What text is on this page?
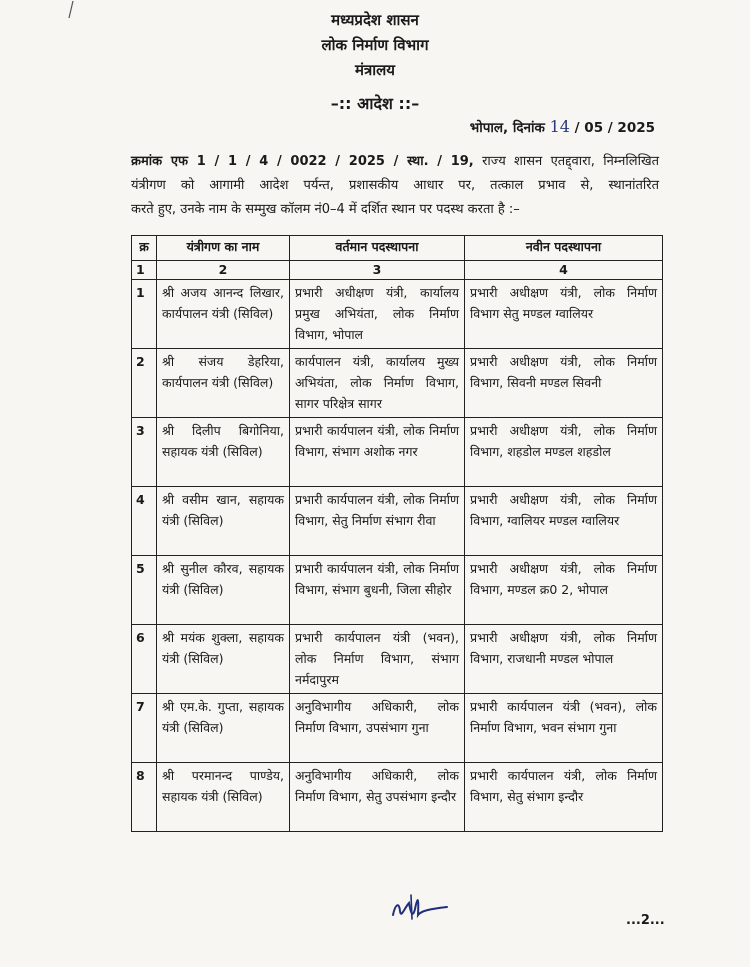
मध्यप्रदेश शासन
लोक निर्माण विभाग
मंत्रालय
–:: आदेश ::–
भोपाल, दिनांक 14 / 05 / 2025
क्रमांक एफ 1 / 1 / 4 / 0022 / 2025 / स्था. / 19, राज्य शासन एतद्द्वारा, निम्नलिखित
यंत्रीगण को आगामी आदेश पर्यन्त, प्रशासकीय आधार पर, तत्काल प्रभाव से, स्थानांतरित
करते हुए, उनके नाम के सम्मुख कॉलम नं0–4 में दर्शित स्थान पर पदस्थ करता है :–
क्र	यंत्रीगण का नाम	वर्तमान पदस्थापना	नवीन पदस्थापना
1	2	3	4
1	श्री अजय आनन्द लिखार, कार्यपालन यंत्री (सिविल)	प्रभारी अधीक्षण यंत्री, कार्यालय प्रमुख अभियंता, लोक निर्माण विभाग, भोपाल	प्रभारी अधीक्षण यंत्री, लोक निर्माण विभाग सेतु मण्डल ग्वालियर
2	श्री संजय डेहरिया, कार्यपालन यंत्री (सिविल)	कार्यपालन यंत्री, कार्यालय मुख्य अभियंता, लोक निर्माण विभाग, सागर परिक्षेत्र सागर	प्रभारी अधीक्षण यंत्री, लोक निर्माण विभाग, सिवनी मण्डल सिवनी
3	श्री दिलीप बिगोनिया, सहायक यंत्री (सिविल)	प्रभारी कार्यपालन यंत्री, लोक निर्माण विभाग, संभाग अशोक नगर	प्रभारी अधीक्षण यंत्री, लोक निर्माण विभाग, शहडोल मण्डल शहडोल
4	श्री वसीम खान, सहायक यंत्री (सिविल)	प्रभारी कार्यपालन यंत्री, लोक निर्माण विभाग, सेतु निर्माण संभाग रीवा	प्रभारी अधीक्षण यंत्री, लोक निर्माण विभाग, ग्वालियर मण्डल ग्वालियर
5	श्री सुनील कौरव, सहायक यंत्री (सिविल)	प्रभारी कार्यपालन यंत्री, लोक निर्माण विभाग, संभाग बुधनी, जिला सीहोर	प्रभारी अधीक्षण यंत्री, लोक निर्माण विभाग, मण्डल क्र0 2, भोपाल
6	श्री मयंक शुक्ला, सहायक यंत्री (सिविल)	प्रभारी कार्यपालन यंत्री (भवन), लोक निर्माण विभाग, संभाग नर्मदापुरम	प्रभारी अधीक्षण यंत्री, लोक निर्माण विभाग, राजधानी मण्डल भोपाल
7	श्री एम.के. गुप्ता, सहायक यंत्री (सिविल)	अनुविभागीय अधिकारी, लोक निर्माण विभाग, उपसंभाग गुना	प्रभारी कार्यपालन यंत्री (भवन), लोक निर्माण विभाग, भवन संभाग गुना
8	श्री परमानन्द पाण्डेय, सहायक यंत्री (सिविल)	अनुविभागीय अधिकारी, लोक निर्माण विभाग, सेतु उपसंभाग इन्दौर	प्रभारी कार्यपालन यंत्री, लोक निर्माण विभाग, सेतु संभाग इन्दौर
...2...
